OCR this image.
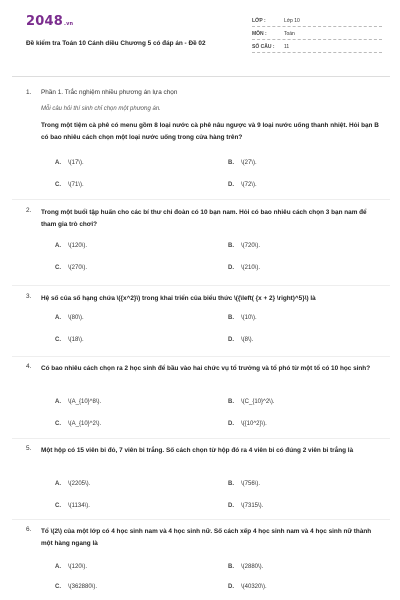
2048.vn
Đề kiểm tra Toán 10 Cánh diều Chương 5 có đáp án - Đề 02
LỚP :	Lớp 10
MÔN :	Toán
SỐ CÂU :	11
1. Phần 1. Trắc nghiệm nhiều phương án lựa chọn
Mỗi câu hỏi thí sinh chỉ chọn một phương án.
Trong một tiệm cà phê có menu gồm 8 loại nước cà phê nâu ngược và 9 loại nước uống thanh nhiệt. Hỏi bạn B có bao nhiêu cách chọn một loại nước uống trong cửa hàng trên?
A. \(17\).	B. \(27\).
C. \(71\).	D. \(72\).
2. Trong một buổi tập huấn cho các bí thư chi đoàn có 10 bạn nam. Hỏi có bao nhiêu cách chọn 3 bạn nam để tham gia trò chơi?
A. \(120\).	B. \(720\).
C. \(270\).	D. \(210\).
3. Hệ số của số hạng chứa \({x^2}\) trong khai triển của biểu thức \({\left( {x + 2} \right)^5}\) là
A. \(80\).	B. \(10\).
C. \(18\).	D. \(8\).
4. Có bao nhiêu cách chọn ra 2 học sinh để bầu vào hai chức vụ tổ trưởng và tổ phó từ một tổ có 10 học sinh?
A. \(A_{10}^8\).	B. \(C_{10}^2\).
C. \(A_{10}^2\).	D. \({10^2}\).
5. Một hộp có 15 viên bi đỏ, 7 viên bi trắng. Số cách chọn từ hộp đó ra 4 viên bi có đúng 2 viên bi trắng là
A. \(2205\).	B. \(756\).
C. \(1134\).	D. \(7315\).
6. Tổ \(2\) của một lớp có 4 học sinh nam và 4 học sinh nữ. Số cách xếp 4 học sinh nam và 4 học sinh nữ thành một hàng ngang là
A. \(120\).	B. \(2880\).
C. \(362880\).	D. \(40320\).
